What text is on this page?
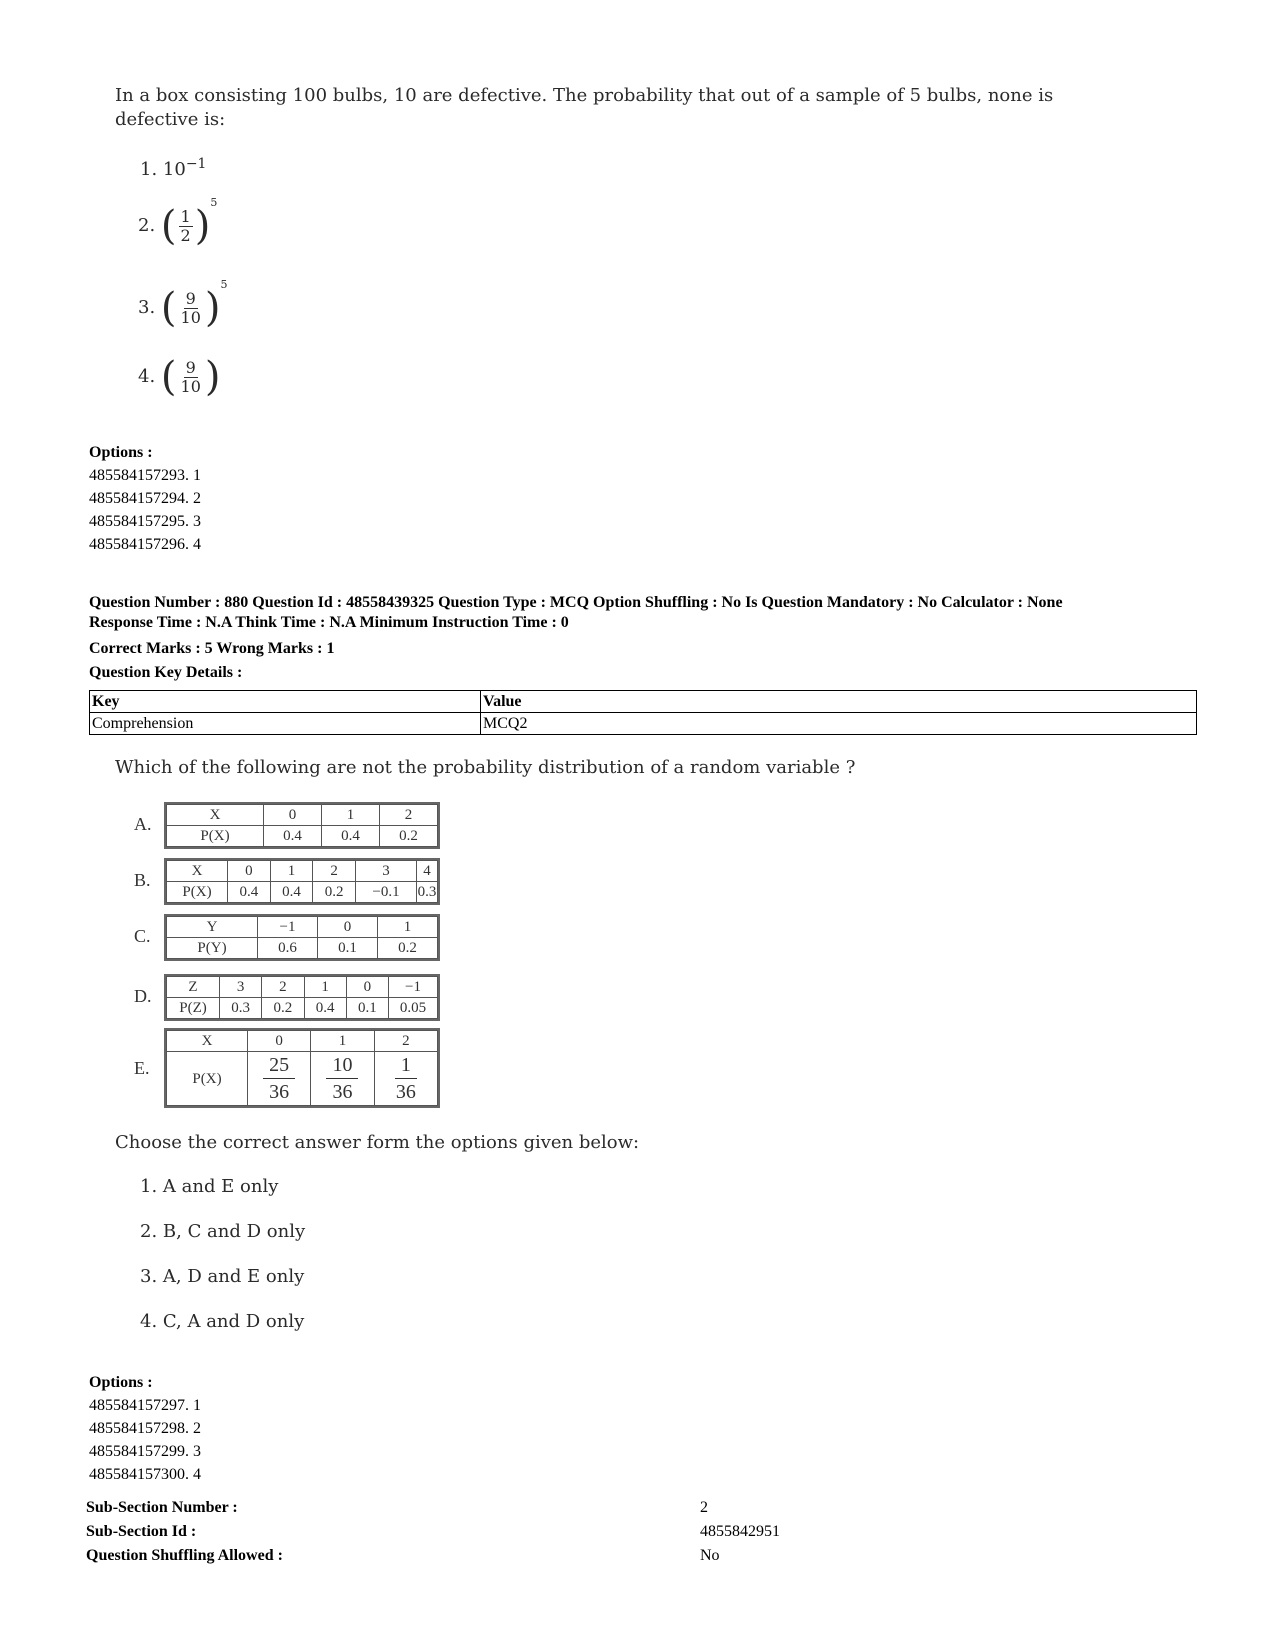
In a box consisting 100 bulbs, 10 are defective. The probability that out of a sample of 5 bulbs, none is
defective is:
1. $10^{-1}$
2. ( $\frac{1}{2} )^5$
3. ( $\frac{9}{10} )^5$
4. ( $\frac{9}{10}$ )
Options :
485584157293. 1
485584157294. 2
485584157295. 3
485584157296. 4
Question Number : 880 Question Id : 48558439325 Question Type : MCQ Option Shuffling : No Is Question Mandatory : No Calculator : None
Response Time : N.A Think Time : N.A Minimum Instruction Time : 0
Correct Marks : 5 Wrong Marks : 1
Question Key Details :
Key	Value
Comprehension	MCQ2
Which of the following are not the probability distribution of a random variable ?
A.	X	0	1	2
P(X)	0.4	0.4	0.2
B.	X	0	1	2	3	4
P(X)	0.4	0.4	0.2	−0.1	0.3
C.	Y	−1	0	1
P(Y)	0.6	0.1	0.2
D. Z	3	2	1	0	−1
P(Z)	0.3	0.2	0.4	0.1	0.05
E.
X	0	1	2
P(X)	$\frac{25}{36}$	$\frac{10}{36}$	$\frac{1}{36}$
Choose the correct answer form the options given below:
1. A and E only
2. B, C and D only
3. A, D and E only
4. C, A and D only
Options :
485584157297. 1
485584157298. 2
485584157299. 3
485584157300. 4
Sub-Section Number :	2
Sub-Section Id :	4855842951
Question Shuffling Allowed :	No
